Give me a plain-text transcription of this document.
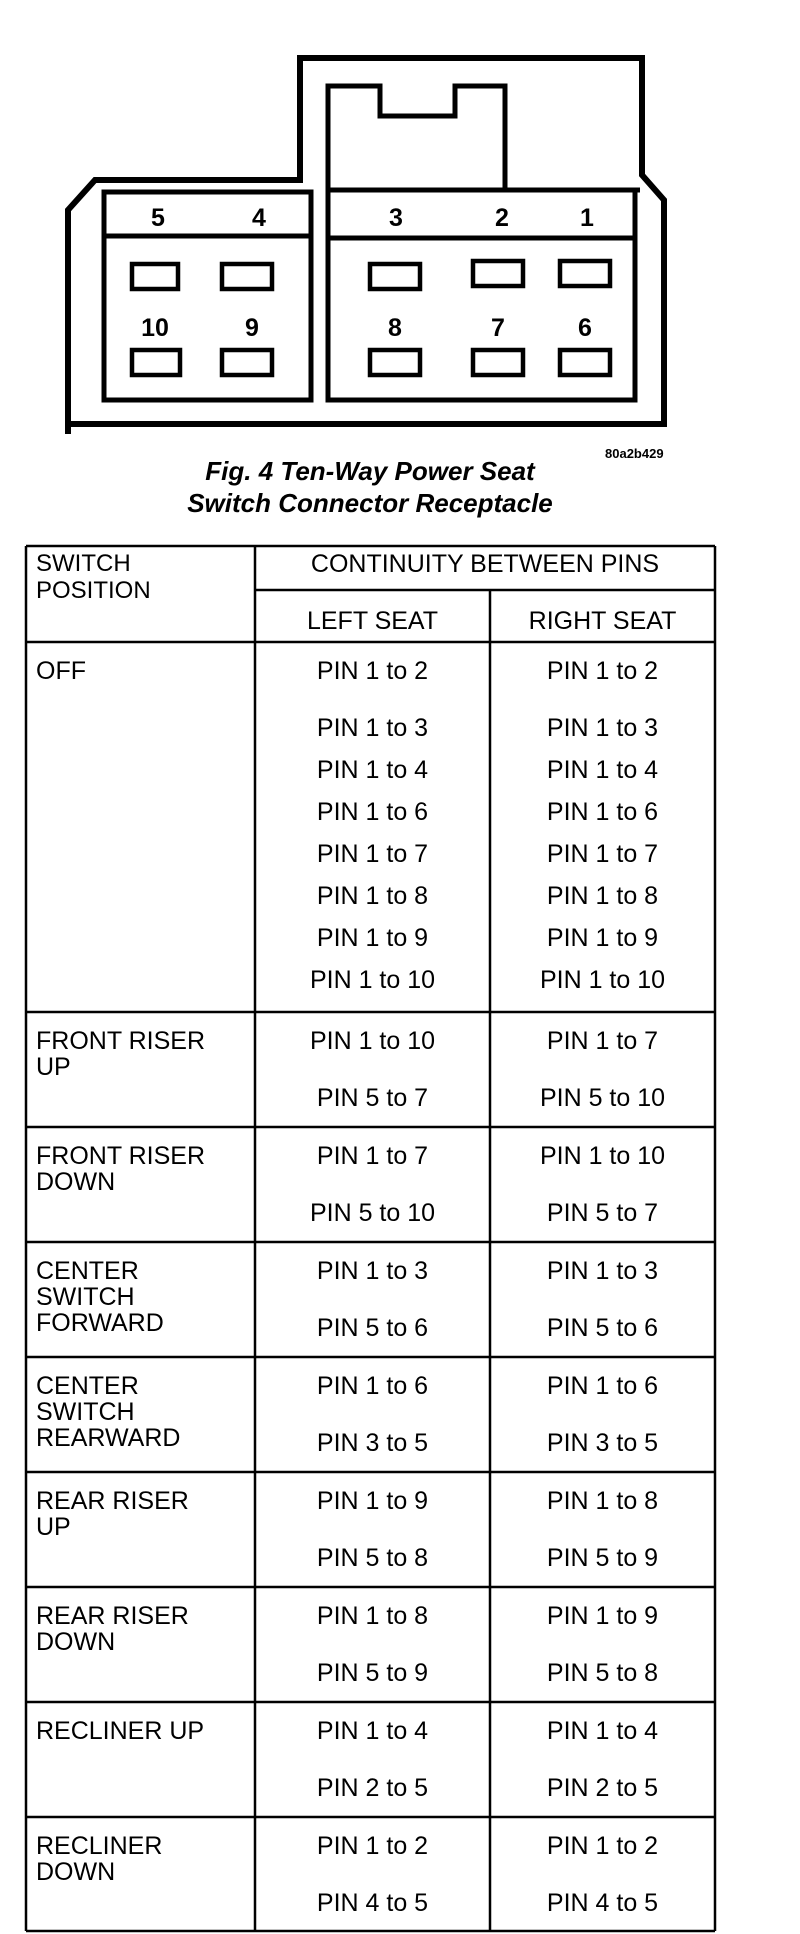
5	4	3	2	1
10	9	8	7	6
80a2b429
Fig. 4 Ten-Way Power Seat
Switch Connector Receptacle
SWITCH
POSITION
CONTINUITY BETWEEN PINS
LEFT SEAT	RIGHT SEAT
OFF	PIN 1 to 2	PIN 1 to 2
PIN 1 to 3	PIN 1 to 3
PIN 1 to 4	PIN 1 to 4
PIN 1 to 6	PIN 1 to 6
PIN 1 to 7	PIN 1 to 7
PIN 1 to 8	PIN 1 to 8
PIN 1 to 9	PIN 1 to 9
PIN 1 to 10	PIN 1 to 10
FRONT RISER
UP
PIN 1 to 10	PIN 1 to 7
PIN 5 to 7	PIN 5 to 10
FRONT RISER
DOWN
PIN 1 to 7	PIN 1 to 10
PIN 5 to 10	PIN 5 to 7
CENTER
SWITCH
FORWARD
PIN 1 to 3	PIN 1 to 3
PIN 5 to 6	PIN 5 to 6
CENTER
SWITCH
REARWARD
PIN 1 to 6	PIN 1 to 6
PIN 3 to 5	PIN 3 to 5
REAR RISER
UP
PIN 1 to 9	PIN 1 to 8
PIN 5 to 8	PIN 5 to 9
REAR RISER
DOWN
PIN 1 to 8	PIN 1 to 9
PIN 5 to 9	PIN 5 to 8
RECLINER UP	PIN 1 to 4	PIN 1 to 4
PIN 2 to 5	PIN 2 to 5
RECLINER
DOWN
PIN 1 to 2	PIN 1 to 2
PIN 4 to 5	PIN 4 to 5
